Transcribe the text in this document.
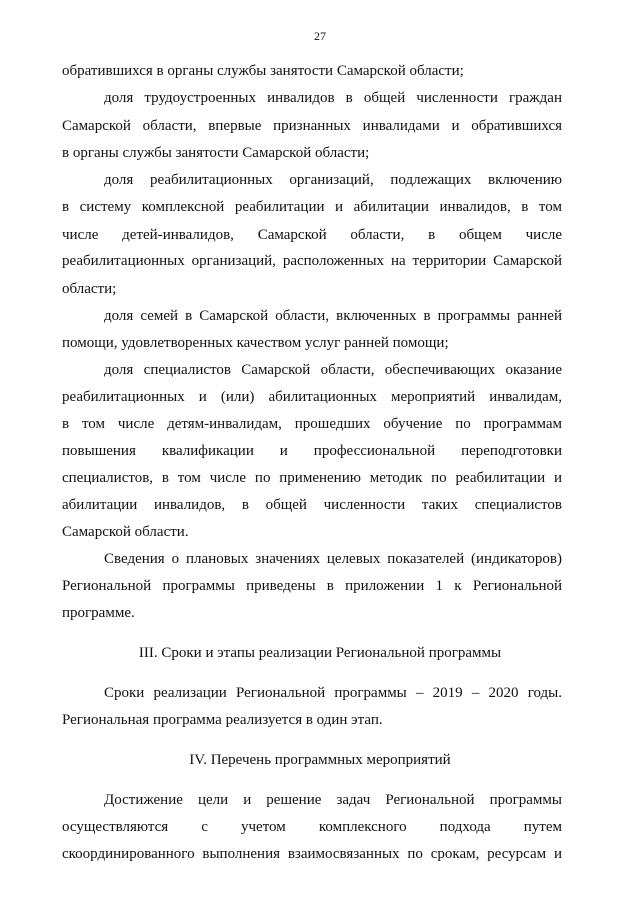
27
обратившихся в органы службы занятости Самарской области;
доля трудоустроенных инвалидов в общей численности граждан
Самарской области, впервые признанных инвалидами и обратившихся
в органы службы занятости Самарской области;
доля реабилитационных организаций, подлежащих включению
в систему комплексной реабилитации и абилитации инвалидов, в том
числе детей-инвалидов, Самарской области, в общем числе
реабилитационных организаций, расположенных на территории Самарской
области;
доля семей в Самарской области, включенных в программы ранней
помощи, удовлетворенных качеством услуг ранней помощи;
доля специалистов Самарской области, обеспечивающих оказание
реабилитационных и (или) абилитационных мероприятий инвалидам,
в том числе детям-инвалидам, прошедших обучение по программам
повышения квалификации и профессиональной переподготовки
специалистов, в том числе по применению методик по реабилитации и
абилитации инвалидов, в общей численности таких специалистов
Самарской области.
Сведения о плановых значениях целевых показателей (индикаторов)
Региональной программы приведены в приложении 1 к Региональной
программе.
III. Сроки и этапы реализации Региональной программы
Сроки реализации Региональной программы – 2019 – 2020 годы.
Региональная программа реализуется в один этап.
IV. Перечень программных мероприятий
Достижение цели и решение задач Региональной программы
осуществляются с учетом комплексного подхода путем
скоординированного выполнения взаимосвязанных по срокам, ресурсам и
